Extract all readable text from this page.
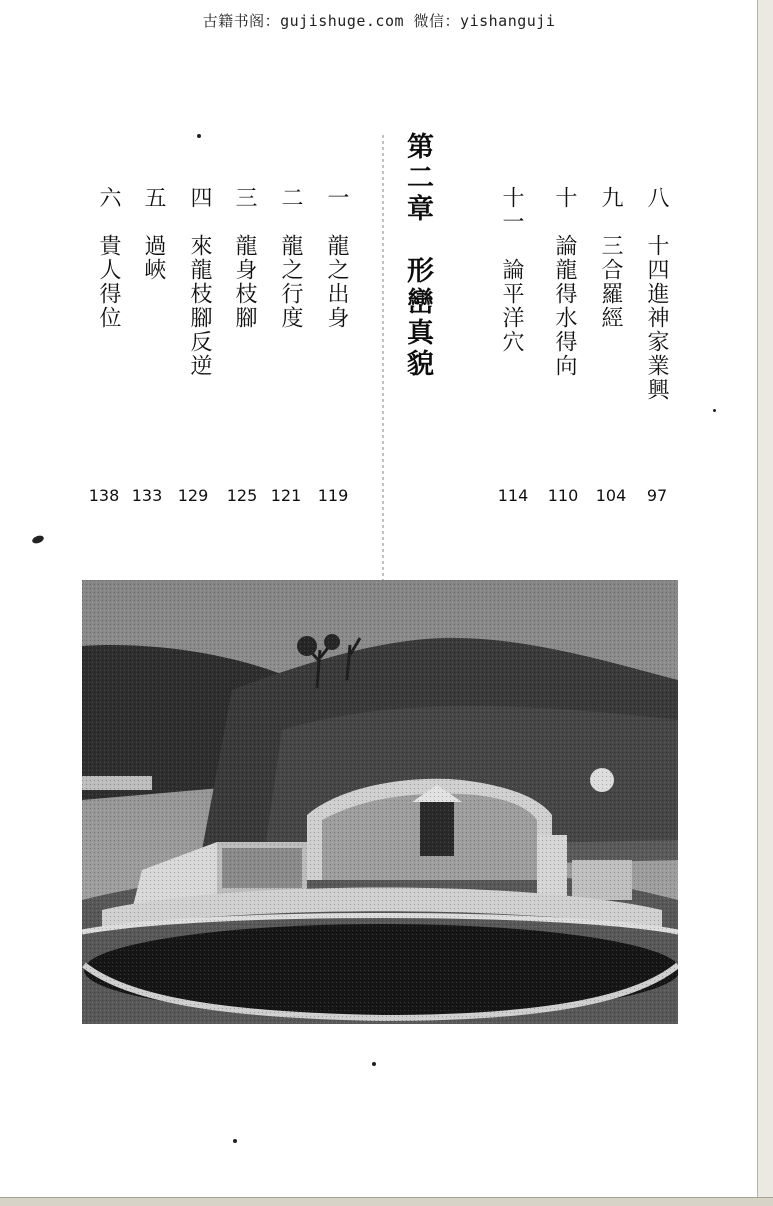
古籍书阁：gujishuge.com 微信：yishanguji
八　十四進神家業興
九　三合羅經
十　論龍得水得向
十一　論平洋穴
97
104
110
114
第二章　形巒真貌
一　龍之出身
二　龍之行度
三　龍身枝腳
四　來龍枝腳反逆
五　過峽
六　貴人得位
119
121
125
129
133
138
